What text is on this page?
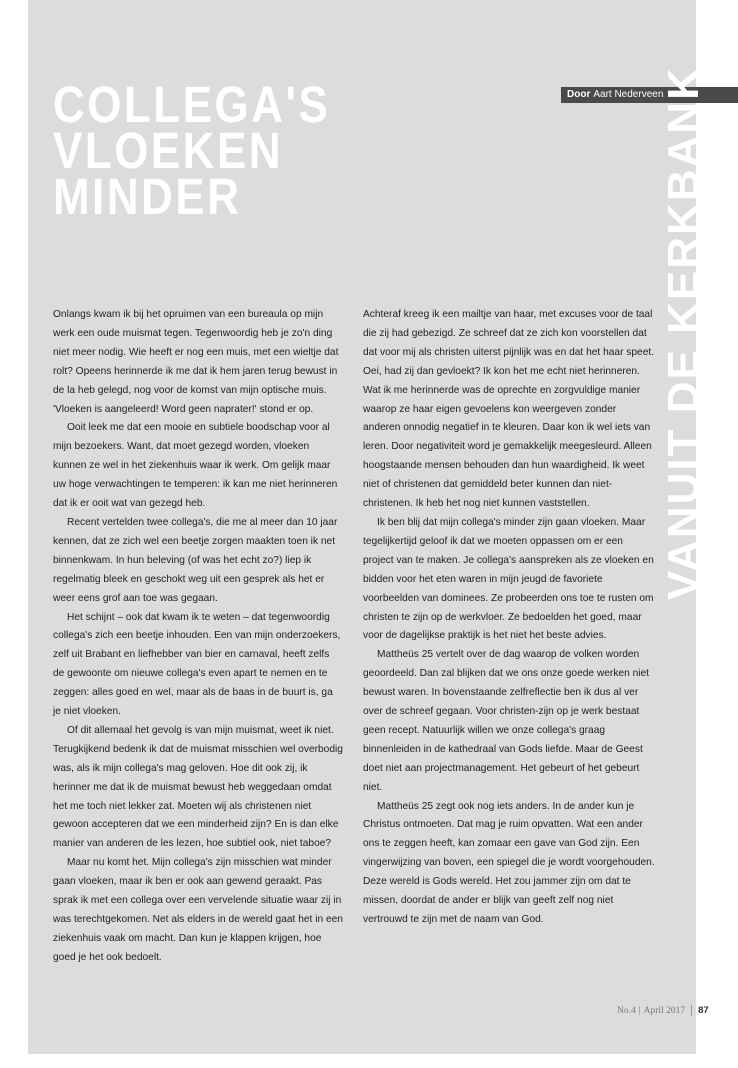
Door Aart Nederveen
COLLEGA'S
VLOEKEN
MINDER	VANUIT DE KERKBANK

Onlangs kwam ik bij het opruimen van een bureaula op mijn werk een oude muismat tegen. Tegenwoordig heb je zo'n ding niet meer nodig. Wie heeft er nog een muis, met een wieltje dat rolt? Opeens herinnerde ik me dat ik hem jaren terug bewust in de la heb gelegd, nog voor de komst van mijn optische muis. 'Vloeken is aangeleerd! Word geen naprater!' stond er op.

Ooit leek me dat een mooie en subtiele boodschap voor al mijn bezoekers. Want, dat moet gezegd worden, vloeken kunnen ze wel in het ziekenhuis waar ik werk. Om gelijk maar uw hoge verwachtingen te temperen: ik kan me niet herinneren dat ik er ooit wat van gezegd heb.

Recent vertelden twee collega's, die me al meer dan 10 jaar kennen, dat ze zich wel een beetje zorgen maakten toen ik net binnenkwam. In hun beleving (of was het echt zo?) liep ik regelmatig bleek en geschokt weg uit een gesprek als het er weer eens grof aan toe was gegaan.

Het schijnt – ook dat kwam ik te weten – dat tegenwoordig collega's zich een beetje inhouden. Een van mijn onderzoekers, zelf uit Brabant en liefhebber van bier en carnaval, heeft zelfs de gewoonte om nieuwe collega's even apart te nemen en te zeggen: alles goed en wel, maar als de baas in de buurt is, ga je niet vloeken.

Of dit allemaal het gevolg is van mijn muismat, weet ik niet. Terugkijkend bedenk ik dat de muismat misschien wel overbodig was, als ik mijn collega's mag geloven. Hoe dit ook zij, ik herinner me dat ik de muismat bewust heb weggedaan omdat het me toch niet lekker zat. Moeten wij als christenen niet gewoon accepteren dat we een minderheid zijn? En is dan elke manier van anderen de les lezen, hoe subtiel ook, niet taboe?

Maar nu komt het. Mijn collega's zijn misschien wat minder gaan vloeken, maar ik ben er ook aan gewend geraakt. Pas sprak ik met een collega over een vervelende situatie waar zij in was terechtgekomen. Net als elders in de wereld gaat het in een ziekenhuis vaak om macht. Dan kun je klappen krijgen, hoe goed je het ook bedoelt.

Achteraf kreeg ik een mailtje van haar, met excuses voor de taal die zij had gebezigd. Ze schreef dat ze zich kon voorstellen dat dat voor mij als christen uiterst pijnlijk was en dat het haar speet. Oei, had zij dan gevloekt? Ik kon het me echt niet herinneren. Wat ik me herinnerde was de oprechte en zorgvuldige manier waarop ze haar eigen gevoelens kon weergeven zonder anderen onnodig negatief in te kleuren. Daar kon ik wel iets van leren. Door negativiteit word je gemakkelijk meegesleurd. Alleen hoogstaande mensen behouden dan hun waardigheid. Ik weet niet of christenen dat gemiddeld beter kunnen dan niet-christenen. Ik heb het nog niet kunnen vaststellen.

Ik ben blij dat mijn collega's minder zijn gaan vloeken. Maar tegelijkertijd geloof ik dat we moeten oppassen om er een project van te maken. Je collega's aanspreken als ze vloeken en bidden voor het eten waren in mijn jeugd de favoriete voorbeelden van dominees. Ze probeerden ons toe te rusten om christen te zijn op de werkvloer. Ze bedoelden het goed, maar voor de dagelijkse praktijk is het niet het beste advies.

Mattheüs 25 vertelt over de dag waarop de volken worden geoordeeld. Dan zal blijken dat we ons onze goede werken niet bewust waren. In bovenstaande zelfreflectie ben ik dus al ver over de schreef gegaan. Voor christen-zijn op je werk bestaat geen recept. Natuurlijk willen we onze collega's graag binnenleiden in de kathedraal van Gods liefde. Maar de Geest doet niet aan projectmanagement. Het gebeurt of het gebeurt niet.

Mattheüs 25 zegt ook nog iets anders. In de ander kun je Christus ontmoeten. Dat mag je ruim opvatten. Wat een ander ons te zeggen heeft, kan zomaar een gave van God zijn. Een vingerwijzing van boven, een spiegel die je wordt voorgehouden. Deze wereld is Gods wereld. Het zou jammer zijn om dat te missen, doordat de ander er blijk van geeft zelf nog niet vertrouwd te zijn met de naam van God.

No.4 | April 2017 87
